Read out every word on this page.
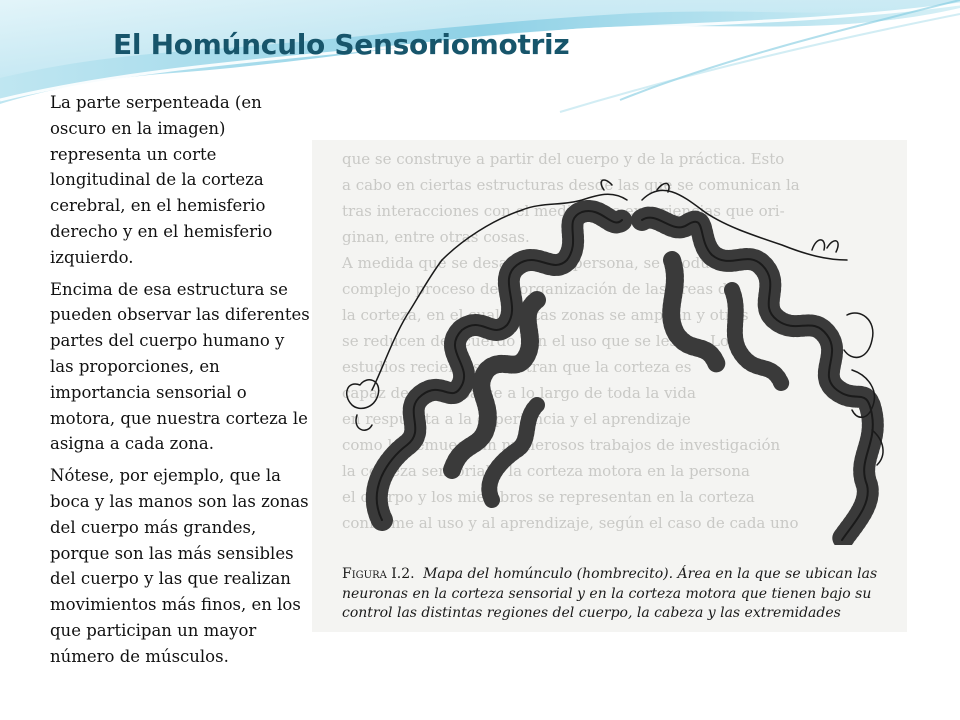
El Homúnculo Sensoriomotriz

La parte serpenteada (en oscuro en la imagen) representa un corte longitudinal de la corteza cerebral, en el hemisferio derecho y en el hemisferio izquierdo.

Encima de esa estructura se pueden observar las diferentes partes del cuerpo humano y las proporciones, en importancia sensorial o motora, que nuestra corteza le asigna a cada zona.

Nótese, por ejemplo, que la boca y las manos son las zonas del cuerpo más grandes, porque son las más sensibles del cuerpo y las que realizan movimientos más finos, en los que participan un mayor número de músculos.

que se construye a partir del cuerpo y de la práctica. Esto
a cabo en ciertas estructuras desde las que se comunican la
tras interacciones con el medio y las experiencias que ori-
ginan, entre otras cosas.
A medida que se desarrolla la persona, se produce un
complejo proceso de reorganización de las áreas de
la corteza, en el cual ciertas zonas se amplían y otras
se reducen de acuerdo con el uso que se les da. Los
estudios recientes muestran que la corteza es
capaz de modificarse a lo largo de toda la vida
en respuesta a la experiencia y el aprendizaje
como lo demuestran numerosos trabajos de investigación
la corteza sensorial y la corteza motora en la persona
el cuerpo y los miembros se representan en la corteza
conforme al uso y al aprendizaje, según el caso de cada uno
Figura I.2. Mapa del homúnculo (hombrecito). Área en la que se ubican las neuronas en la corteza sensorial y en la corteza motora que tienen bajo su control las distintas regiones del cuerpo, la cabeza y las extremidades
